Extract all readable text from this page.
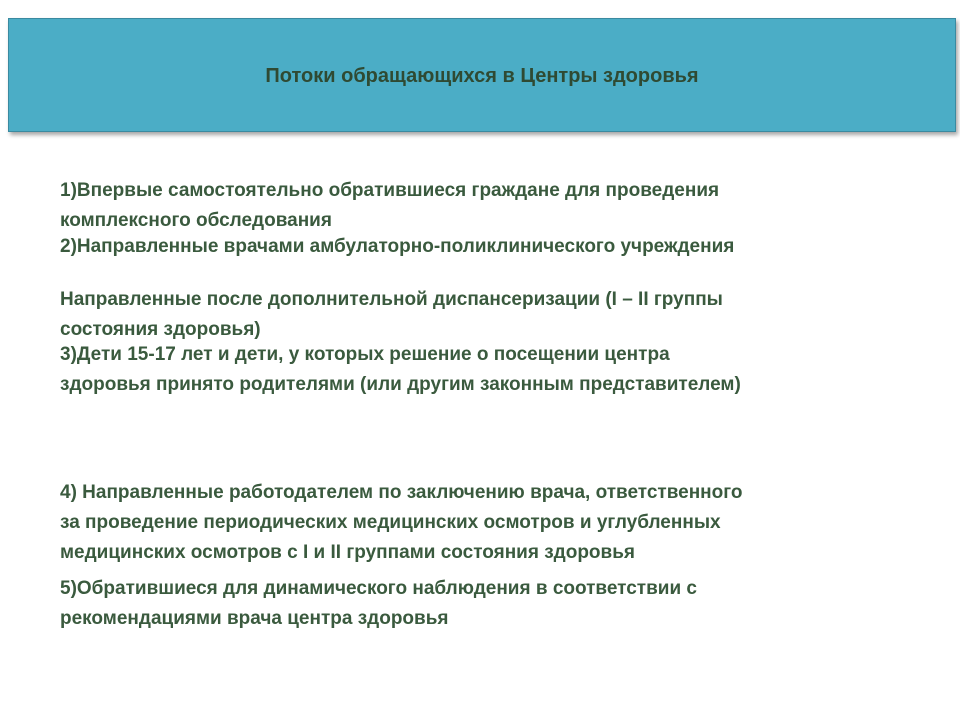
Потоки обращающихся в Центры здоровья

1)Впервые самостоятельно обратившиеся граждане для проведения
комплексного обследования

2)Направленные врачами амбулаторно-поликлинического учреждения

Направленные после дополнительной диспансеризации (I – II группы
состояния здоровья)

3)Дети 15-17 лет и дети, у которых решение о посещении центра
здоровья принято родителями (или другим законным представителем)

4) Направленные работодателем по заключению врача, ответственного
за проведение периодических медицинских осмотров и углубленных
медицинских осмотров с I и II группами состояния здоровья

5)Обратившиеся для динамического наблюдения в соответствии с
рекомендациями врача центра здоровья
